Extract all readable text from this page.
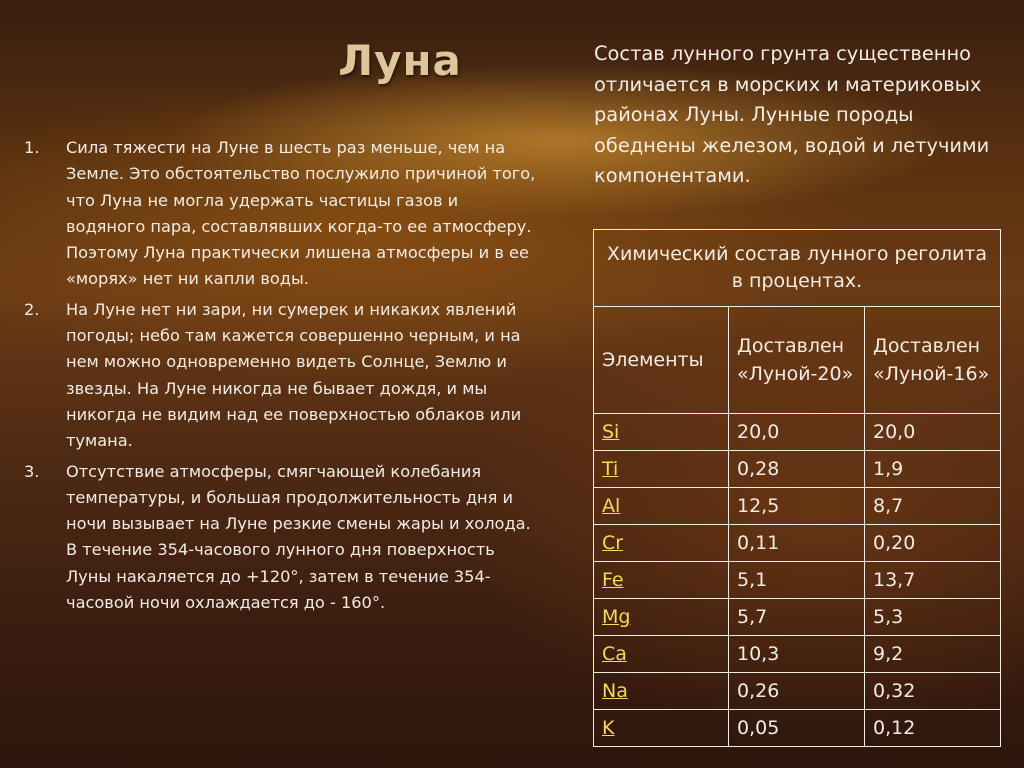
Луна
1. Сила тяжести на Луне в шесть раз меньше, чем на Земле. Это обстоятельство послужило причиной того, что Луна не могла удержать частицы газов и водяного пара, составлявших когда-то ее атмосферу. Поэтому Луна практически лишена атмосферы и в ее «морях» нет ни капли воды.
2. На Луне нет ни зари, ни сумерек и никаких явлений погоды; небо там кажется совершенно черным, и на нем можно одновременно видеть Солнце, Землю и звезды. На Луне никогда не бывает дождя, и мы никогда не видим над ее поверхностью облаков или тумана.
3. Отсутствие атмосферы, смягчающей колебания температуры, и большая продолжительность дня и ночи вызывает на Луне резкие смены жары и холода. В течение 354-часового лунного дня поверхность Луны накаляется до +120°, затем в течение 354-часовой ночи охлаждается до - 160°.
Состав лунного грунта существенно отличается в морских и материковых районах Луны. Лунные породы обеднены железом, водой и летучими компонентами.
Химический состав лунного реголита в процентах.		
Элементы	Доставлен «Луной-20»	Доставлен «Луной-16»
Si	20,0	20,0
Ti	0,28	1,9
Al	12,5	8,7
Cr	0,11	0,20
Fe	5,1	13,7
Mg	5,7	5,3
Ca	10,3	9,2
Na	0,26	0,32
K	0,05	0,12
